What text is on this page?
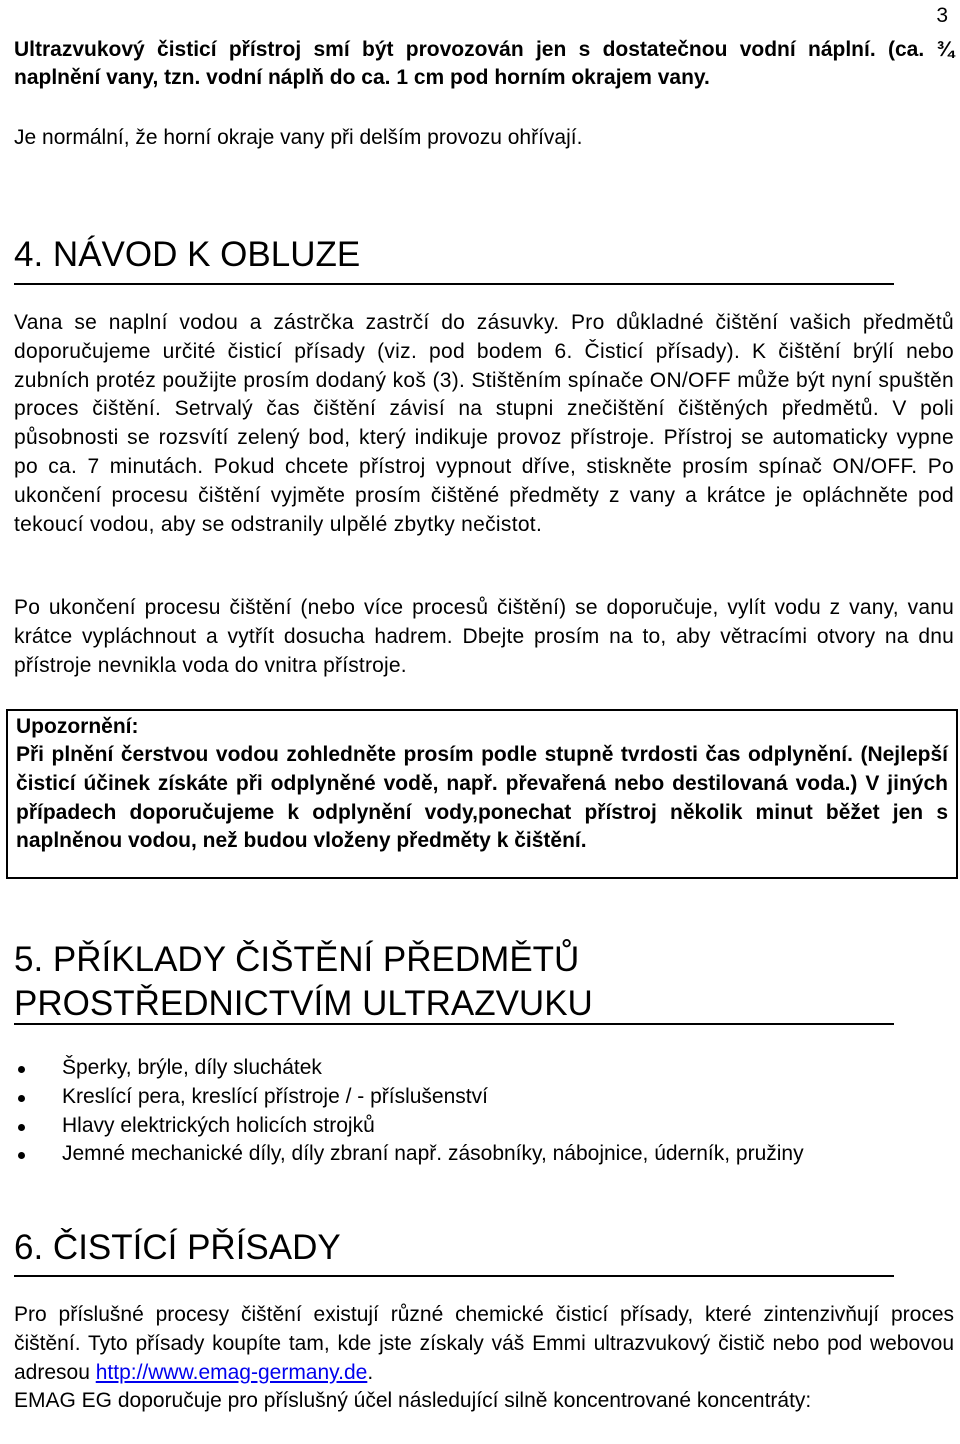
3

Ultrazvukový čisticí přístroj smí být provozován jen s dostatečnou vodní náplní. (ca. ¾ naplnění vany, tzn. vodní náplň do ca. 1 cm pod horním okrajem vany.

Je normální, že horní okraje vany při delším provozu ohřívají.

4. NÁVOD K OBLUZE

Vana se naplní vodou a zástrčka zastrčí do zásuvky. Pro důkladné čištění vašich předmětů doporučujeme určité čisticí přísady (viz. pod bodem 6. Čisticí přísady). K čištění brýlí nebo zubních protéz použijte prosím dodaný koš (3). Stištěním spínače ON/OFF může být nyní spuštěn proces čištění. Setrvalý čas čištění závisí na stupni znečištění čištěných předmětů. V poli působnosti se rozsvítí zelený bod, který indikuje provoz přístroje. Přístroj se automaticky vypne po ca. 7 minutách. Pokud chcete přístroj vypnout dříve, stiskněte prosím spínač ON/OFF. Po ukončení procesu čištění vyjměte prosím čištěné předměty z vany a krátce je opláchněte pod tekoucí vodou, aby se odstranily ulpělé zbytky nečistot.

Po ukončení procesu čištění (nebo více procesů čištění) se doporučuje, vylít vodu z vany, vanu krátce vypláchnout a vytřít dosucha hadrem. Dbejte prosím na to, aby větracími otvory na dnu přístroje nevnikla voda do vnitra přístroje.

Upozornění:

Při plnění čerstvou vodou zohledněte prosím podle stupně tvrdosti čas odplynění. (Nejlepší čisticí účinek získáte při odplyněné vodě, např. převařená nebo destilovaná voda.) V jiných případech doporučujeme k odplynění vody,ponechat přístroj několik minut běžet jen s naplněnou vodou, než budou vloženy předměty k čištění.

5. PŘÍKLADY ČIŠTĚNÍ PŘEDMĚTŮ
PROSTŘEDNICTVÍM ULTRAZVUKU
Šperky, brýle, díly sluchátek
Kreslící pera, kreslící přístroje / - příslušenství
Hlavy elektrických holicích strojků
Jemné mechanické díly, díly zbraní např. zásobníky, nábojnice, úderník, pružiny
6. ČISTÍCÍ PŘÍSADY

Pro příslušné procesy čištění existují různé chemické čisticí přísady, které zintenzivňují proces čištění. Tyto přísady koupíte tam, kde jste získaly váš Emmi ultrazvukový čistič nebo pod webovou adresou http://www.emag-germany.de.

EMAG EG doporučuje pro příslušný účel následující silně koncentrované koncentráty:
